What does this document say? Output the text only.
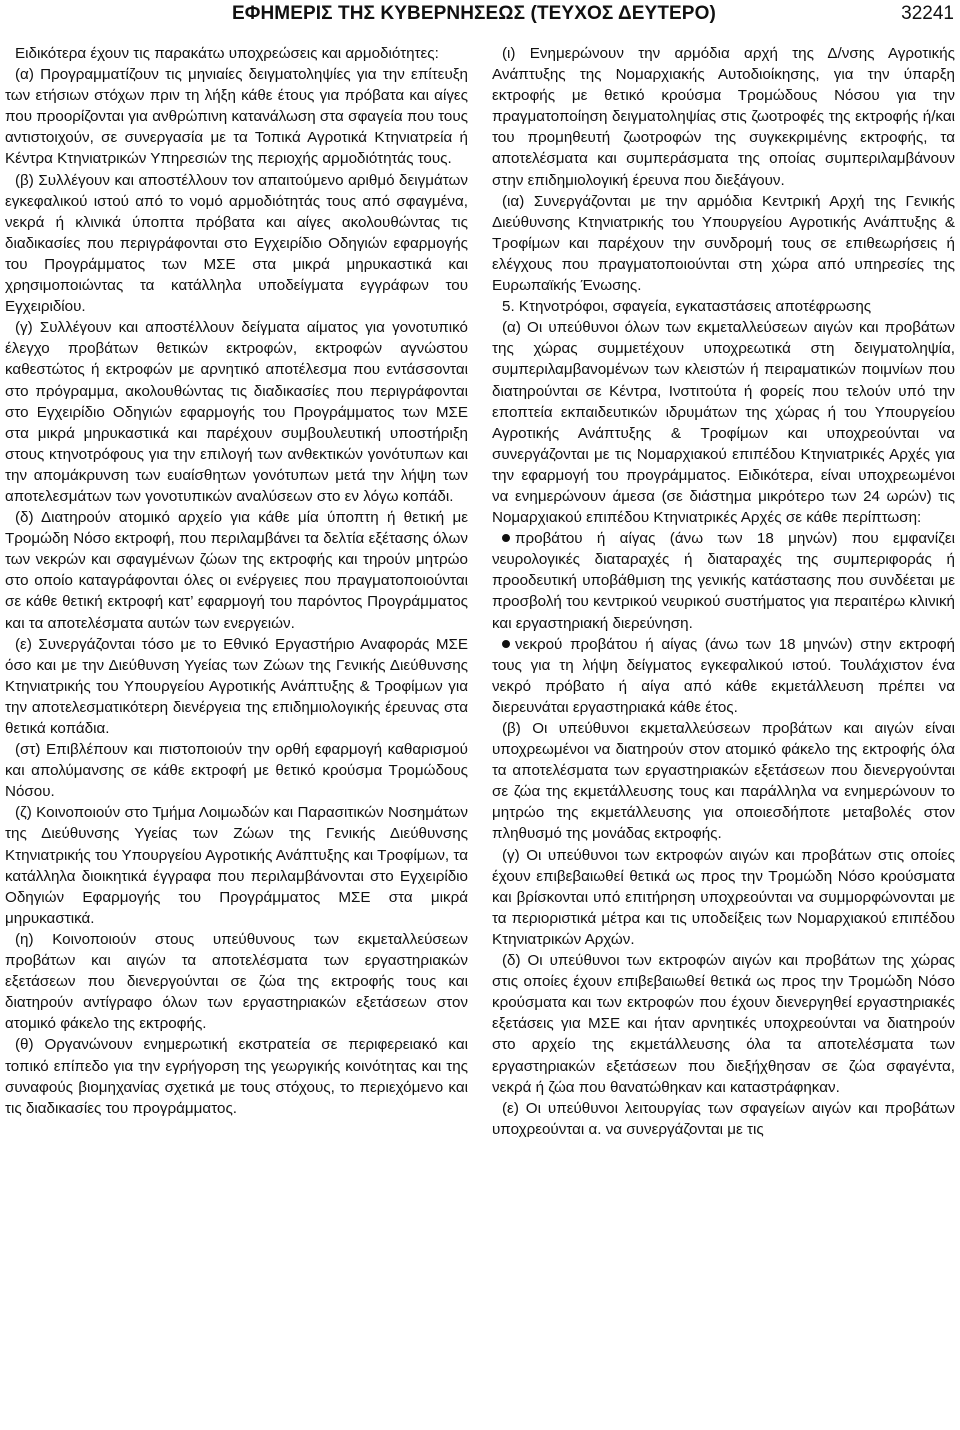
ΕΦΗΜΕΡΙΣ ΤΗΣ ΚΥΒΕΡΝΗΣΕΩΣ (ΤΕΥΧΟΣ ΔΕΥΤΕΡΟ)	32241

Ειδικότερα έχουν τις παρακάτω υποχρεώσεις και αρμοδιότητες:

(α) Προγραμματίζουν τις μηνιαίες δειγματοληψίες για την επίτευξη των ετήσιων στόχων πριν τη λήξη κάθε έτους για πρόβατα και αίγες που προορίζονται για ανθρώπινη κατανάλωση στα σφαγεία που τους αντιστοιχούν, σε συνεργασία με τα Τοπικά Αγροτικά Κτηνιατρεία ή Κέντρα Κτηνιατρικών Υπηρεσιών της περιοχής αρμοδιότητάς τους.

(β) Συλλέγουν και αποστέλλουν τον απαιτούμενο αριθμό δειγμάτων εγκεφαλικού ιστού από το νομό αρμοδιότητάς τους από σφαγμένα, νεκρά ή κλινικά ύποπτα πρόβατα και αίγες ακολουθώντας τις διαδικασίες που περιγράφονται στο Εγχειρίδιο Οδηγιών εφαρμογής του Προγράμματος των ΜΣΕ στα μικρά μηρυκαστικά και χρησιμοποιώντας τα κατάλληλα υποδείγματα εγγράφων του Εγχειριδίου.

(γ) Συλλέγουν και αποστέλλουν δείγματα αίματος για γονοτυπικό έλεγχο προβάτων θετικών εκτροφών, εκτροφών αγνώστου καθεστώτος ή εκτροφών με αρνητικό αποτέλεσμα που εντάσσονται στο πρόγραμμα, ακολουθώντας τις διαδικασίες που περιγράφονται στο Εγχειρίδιο Οδηγιών εφαρμογής του Προγράμματος των ΜΣΕ στα μικρά μηρυκαστικά και παρέχουν συμβουλευτική υποστήριξη στους κτηνοτρόφους για την επιλογή των ανθεκτικών γονότυπων και την απομάκρυνση των ευαίσθητων γονότυπων μετά την λήψη των αποτελεσμάτων των γονοτυπικών αναλύσεων στο εν λόγω κοπάδι.

(δ) Διατηρούν ατομικό αρχείο για κάθε μία ύποπτη ή θετική με Τρομώδη Νόσο εκτροφή, που περιλαμβάνει τα δελτία εξέτασης όλων των νεκρών και σφαγμένων ζώων της εκτροφής και τηρούν μητρώο στο οποίο καταγράφονται όλες οι ενέργειες που πραγματοποιούνται σε κάθε θετική εκτροφή κατ’ εφαρμογή του παρόντος Προγράμματος και τα αποτελέσματα αυτών των ενεργειών.

(ε) Συνεργάζονται τόσο με το Εθνικό Εργαστήριο Αναφοράς ΜΣΕ όσο και με την Διεύθυνση Υγείας των Ζώων της Γενικής Διεύθυνσης Κτηνιατρικής του Υπουργείου Αγροτικής Ανάπτυξης & Τροφίμων για την αποτελεσματικότερη διενέργεια της επιδημιολογικής έρευνας στα θετικά κοπάδια.

(στ) Επιβλέπουν και πιστοποιούν την ορθή εφαρμογή καθαρισμού και απολύμανσης σε κάθε εκτροφή με θετικό κρούσμα Τρομώδους Νόσου.

(ζ) Κοινοποιούν στο Τμήμα Λοιμωδών και Παρασιτικών Νοσημάτων της Διεύθυνσης Υγείας των Ζώων της Γενικής Διεύθυνσης Κτηνιατρικής του Υπουργείου Αγροτικής Ανάπτυξης και Τροφίμων, τα κατάλληλα διοικητικά έγγραφα που περιλαμβάνονται στο Εγχειρίδιο Οδηγιών Εφαρμογής του Προγράμματος ΜΣΕ στα μικρά μηρυκαστικά.

(η) Κοινοποιούν στους υπεύθυνους των εκμεταλλεύσεων προβάτων και αιγών τα αποτελέσματα των εργαστηριακών εξετάσεων που διενεργούνται σε ζώα της εκτροφής τους και διατηρούν αντίγραφο όλων των εργαστηριακών εξετάσεων στον ατομικό φάκελο της εκτροφής.

(θ) Οργανώνουν ενημερωτική εκστρατεία σε περιφερειακό και τοπικό επίπεδο για την εγρήγορση της γεωργικής κοινότητας και της συναφούς βιομηχανίας σχετικά με τους στόχους, το περιεχόμενο και τις διαδικασίες του προγράμματος.

(ι) Ενημερώνουν την αρμόδια αρχή της Δ/νσης Αγροτικής Ανάπτυξης της Νομαρχιακής Αυτοδιοίκησης, για την ύπαρξη εκτροφής με θετικό κρούσμα Τρομώδους Νόσου για την πραγματοποίηση δειγματοληψίας στις ζωοτροφές της εκτροφής ή/και του προμηθευτή ζωοτροφών της συγκεκριμένης εκτροφής, τα αποτελέσματα και συμπεράσματα της οποίας συμπεριλαμβάνουν στην επιδημιολογική έρευνα που διεξάγουν.

(ια) Συνεργάζονται με την αρμόδια Κεντρική Αρχή της Γενικής Διεύθυνσης Κτηνιατρικής του Υπουργείου Αγροτικής Ανάπτυξης & Τροφίμων και παρέχουν την συνδρομή τους σε επιθεωρήσεις ή ελέγχους που πραγματοποιούνται στη χώρα από υπηρεσίες της Ευρωπαϊκής Ένωσης.

5. Κτηνοτρόφοι, σφαγεία, εγκαταστάσεις αποτέφρωσης

(α) Οι υπεύθυνοι όλων των εκμεταλλεύσεων αιγών και προβάτων της χώρας συμμετέχουν υποχρεωτικά στη δειγματοληψία, συμπεριλαμβανομένων των κλειστών ή πειραματικών ποιμνίων που διατηρούνται σε Κέντρα, Ινστιτούτα ή φορείς που τελούν υπό την εποπτεία εκπαιδευτικών ιδρυμάτων της χώρας ή του Υπουργείου Αγροτικής Ανάπτυξης & Τροφίμων και υποχρεούνται να συνεργάζονται με τις Νομαρχιακού επιπέδου Κτηνιατρικές Αρχές για την εφαρμογή του προγράμματος. Ειδικότερα, είναι υποχρεωμένοι να ενημερώνουν άμεσα (σε διάστημα μικρότερο των 24 ωρών) τις Νομαρχιακού επιπέδου Κτηνιατρικές Αρχές σε κάθε περίπτωση:

προβάτου ή αίγας (άνω των 18 μηνών) που εμφανίζει νευρολογικές διαταραχές ή διαταραχές της συμπεριφοράς ή προοδευτική υποβάθμιση της γενικής κατάστασης που συνδέεται με προσβολή του κεντρικού νευρικού συστήματος για περαιτέρω κλινική και εργαστηριακή διερεύνηση.

νεκρού προβάτου ή αίγας (άνω των 18 μηνών) στην εκτροφή τους για τη λήψη δείγματος εγκεφαλικού ιστού. Τουλάχιστον ένα νεκρό πρόβατο ή αίγα από κάθε εκμετάλλευση πρέπει να διερευνάται εργαστηριακά κάθε έτος.

(β) Οι υπεύθυνοι εκμεταλλεύσεων προβάτων και αιγών είναι υποχρεωμένοι να διατηρούν στον ατομικό φάκελο της εκτροφής όλα τα αποτελέσματα των εργαστηριακών εξετάσεων που διενεργούνται σε ζώα της εκμετάλλευσης τους και παράλληλα να ενημερώνουν το μητρώο της εκμετάλλευσης για οποιεσδήποτε μεταβολές στον πληθυσμό της μονάδας εκτροφής.

(γ) Οι υπεύθυνοι των εκτροφών αιγών και προβάτων στις οποίες έχουν επιβεβαιωθεί θετικά ως προς την Τρομώδη Νόσο κρούσματα και βρίσκονται υπό επιτήρηση υποχρεούνται να συμμορφώνονται με τα περιοριστικά μέτρα και τις υποδείξεις των Νομαρχιακού επιπέδου Κτηνιατρικών Αρχών.

(δ) Οι υπεύθυνοι των εκτροφών αιγών και προβάτων της χώρας στις οποίες έχουν επιβεβαιωθεί θετικά ως προς την Τρομώδη Νόσο κρούσματα και των εκτροφών που έχουν διενεργηθεί εργαστηριακές εξετάσεις για ΜΣΕ και ήταν αρνητικές υποχρεούνται να διατηρούν στο αρχείο της εκμετάλλευσης όλα τα αποτελέσματα των εργαστηριακών εξετάσεων που διεξήχθησαν σε ζώα σφαγέντα, νεκρά ή ζώα που θανατώθηκαν και καταστράφηκαν.

(ε) Οι υπεύθυνοι λειτουργίας των σφαγείων αιγών και προβάτων υποχρεούνται α. να συνεργάζονται με τις
